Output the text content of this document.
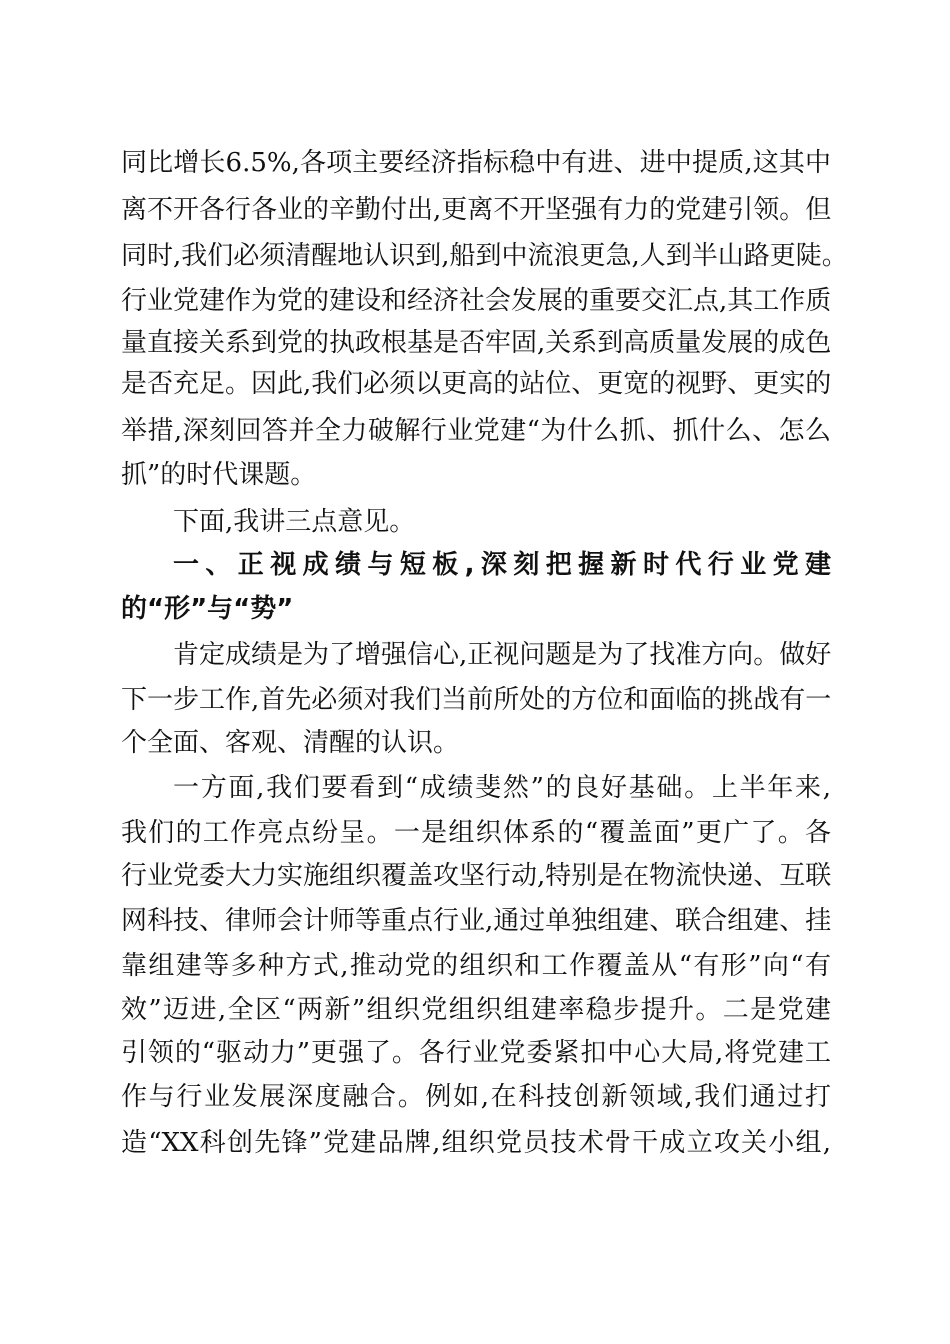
同比增长6.5%,各项主要经济指标稳中有进、进中提质,这其中
离不开各行各业的辛勤付出,更离不开坚强有力的党建引领。但
同时,我们必须清醒地认识到,船到中流浪更急,人到半山路更陡。
行业党建作为党的建设和经济社会发展的重要交汇点,其工作质
量直接关系到党的执政根基是否牢固,关系到高质量发展的成色
是否充足。因此,我们必须以更高的站位、更宽的视野、更实的
举措,深刻回答并全力破解行业党建“为什么抓、抓什么、怎么
抓”的时代课题。
下面,我讲三点意见。
一、正视成绩与短板,深刻把握新时代行业党建
的“形”与“势”
肯定成绩是为了增强信心,正视问题是为了找准方向。做好
下一步工作,首先必须对我们当前所处的方位和面临的挑战有一
个全面、客观、清醒的认识。
一方面,我们要看到“成绩斐然”的良好基础。上半年来,
我们的工作亮点纷呈。一是组织体系的“覆盖面”更广了。各
行业党委大力实施组织覆盖攻坚行动,特别是在物流快递、互联
网科技、律师会计师等重点行业,通过单独组建、联合组建、挂
靠组建等多种方式,推动党的组织和工作覆盖从“有形”向“有
效”迈进,全区“两新”组织党组织组建率稳步提升。二是党建
引领的“驱动力”更强了。各行业党委紧扣中心大局,将党建工
作与行业发展深度融合。例如,在科技创新领域,我们通过打
造“XX科创先锋”党建品牌,组织党员技术骨干成立攻关小组,
